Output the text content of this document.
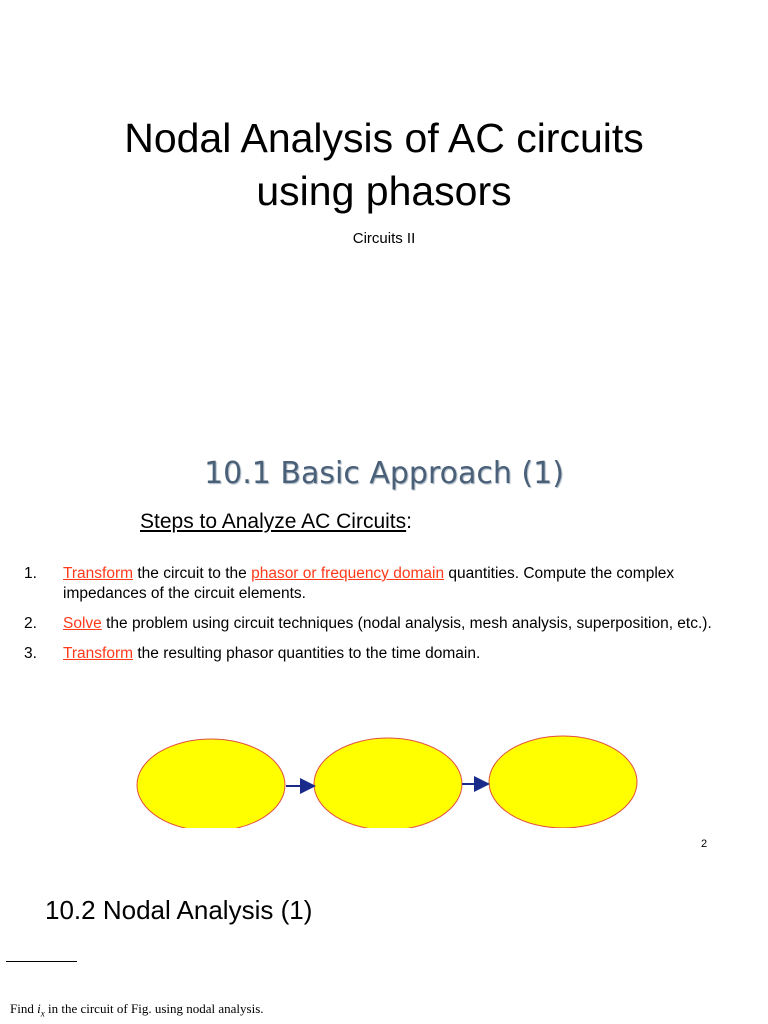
Nodal Analysis of AC circuits
using phasors
Circuits II
10.1 Basic Approach (1)
Steps to Analyze AC Circuits:
1. Transform the circuit to the phasor or frequency domain quantities. Compute the complex impedances of the circuit elements.
2. Solve the problem using circuit techniques (nodal analysis, mesh analysis, superposition, etc.).
3. Transform the resulting phasor quantities to the time domain.
2
10.2 Nodal Analysis (1)
Find $i_x$ in the circuit of Fig. using nodal analysis.
